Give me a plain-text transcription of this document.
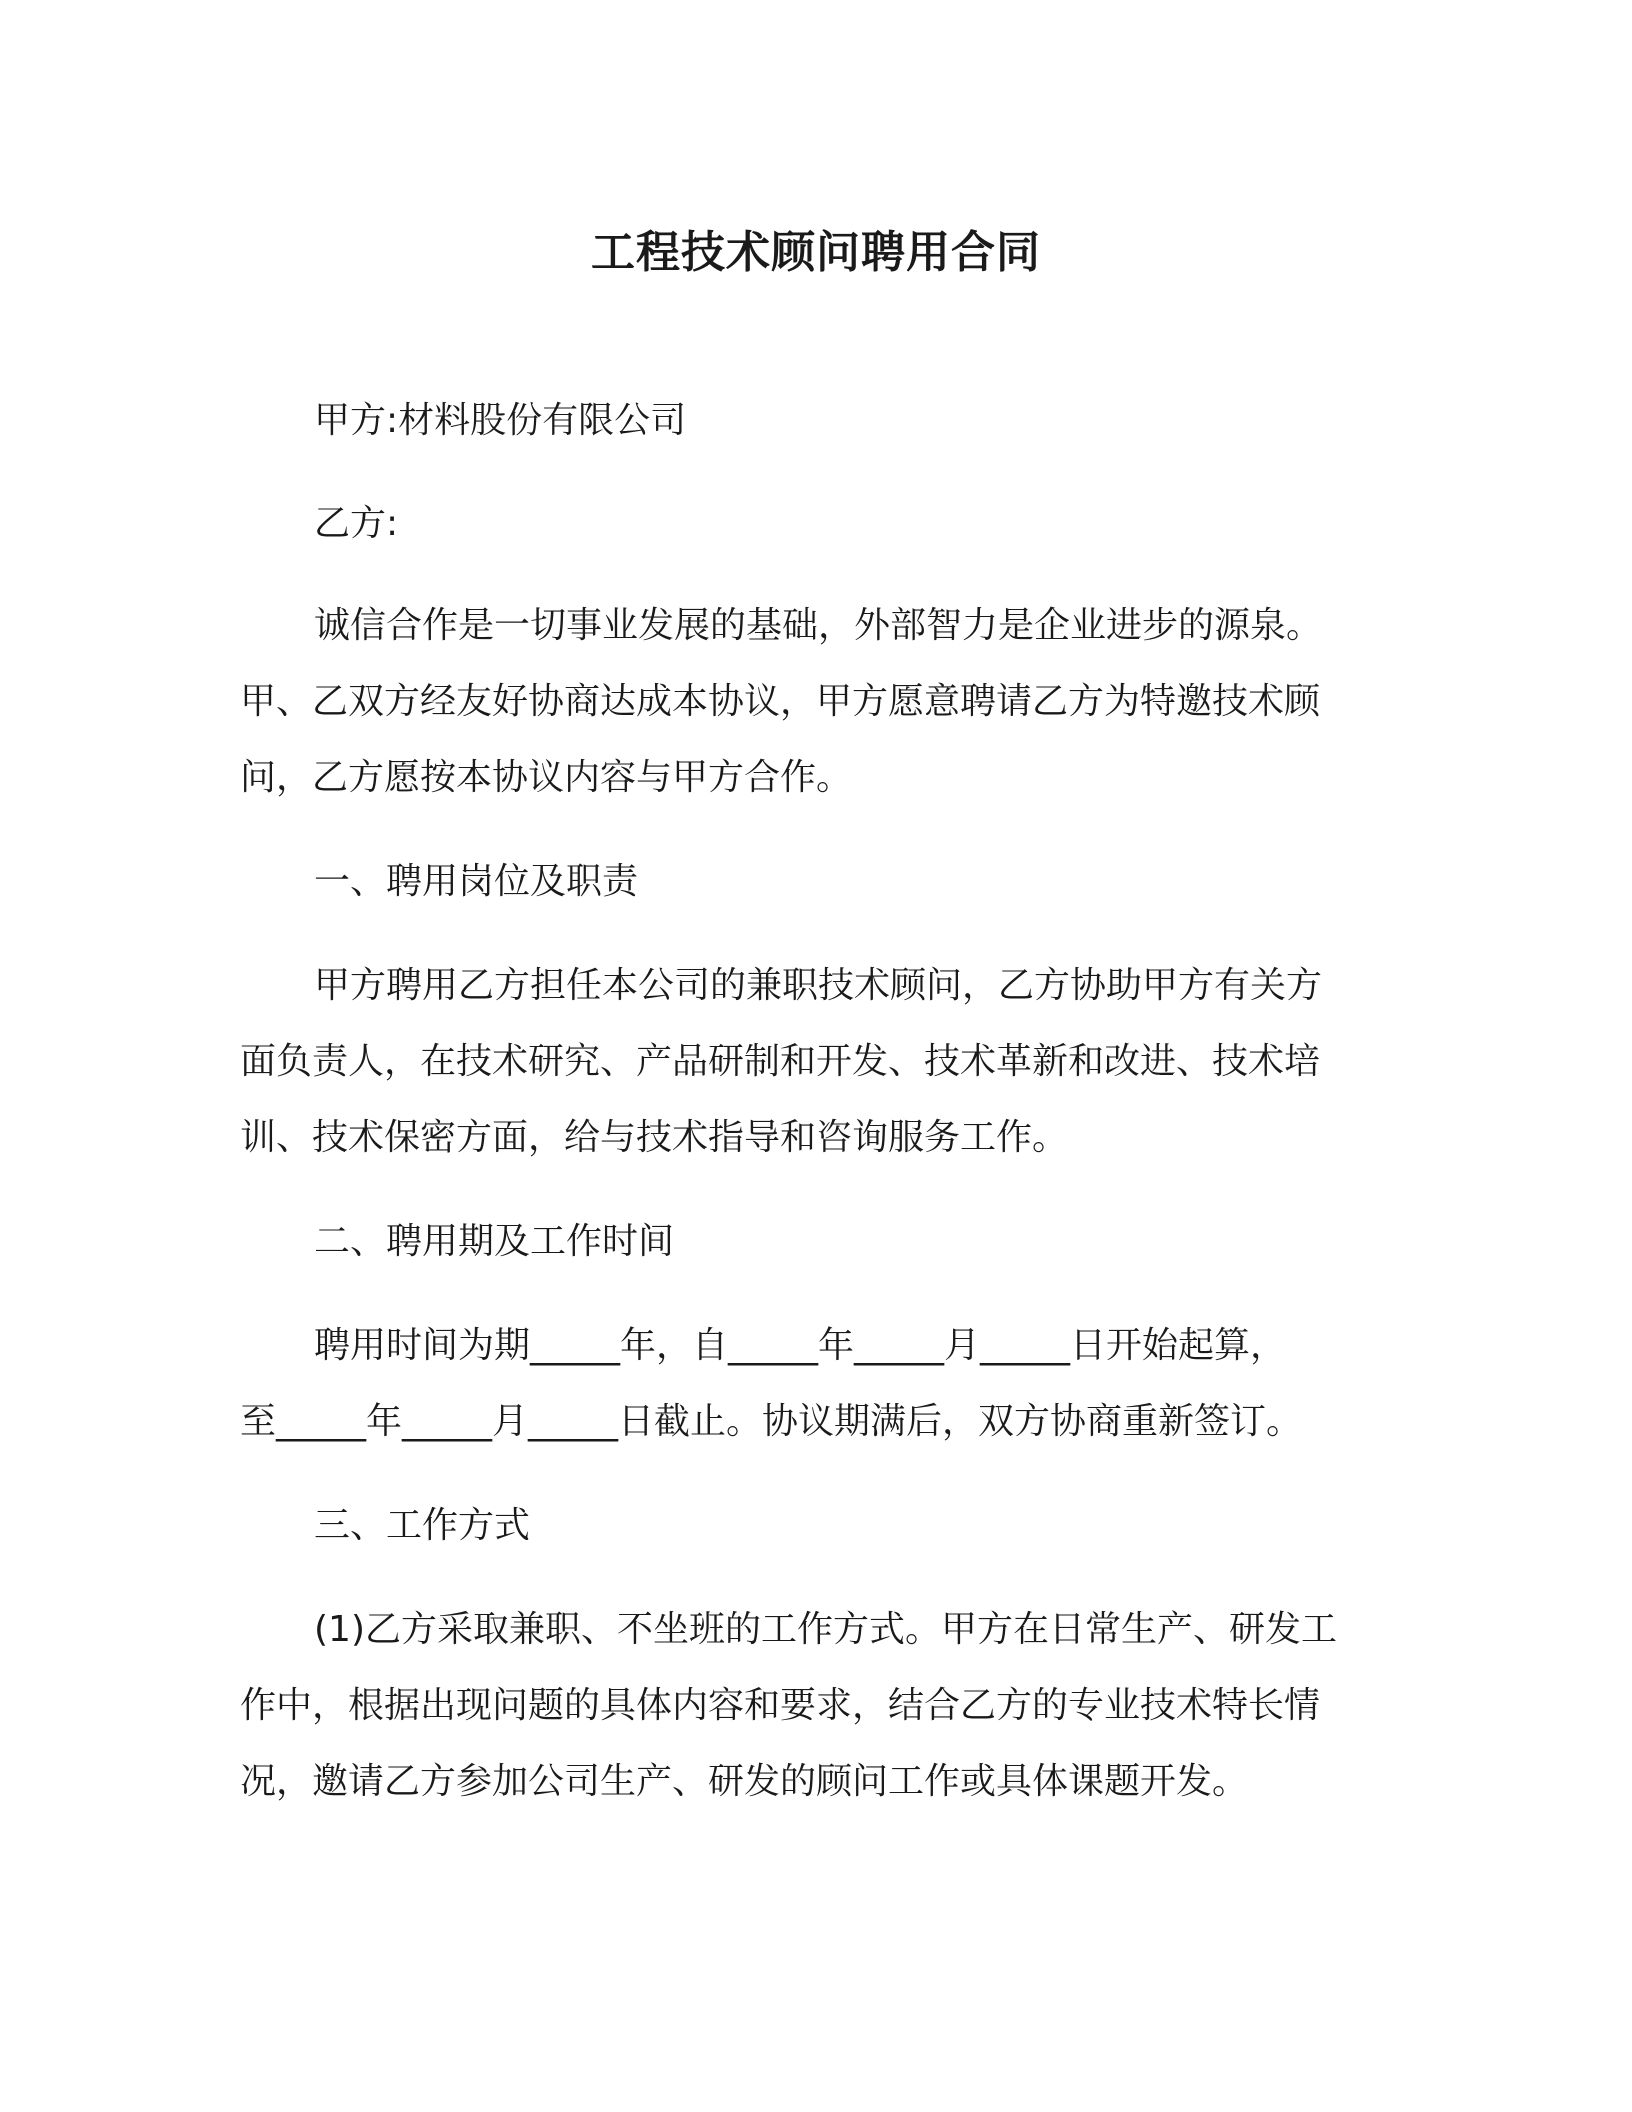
工程技术顾问聘用合同
甲方:材料股份有限公司
乙方:
诚信合作是一切事业发展的基础，外部智力是企业进步的源泉。
甲、乙双方经友好协商达成本协议，甲方愿意聘请乙方为特邀技术顾
问，乙方愿按本协议内容与甲方合作。
一、聘用岗位及职责
甲方聘用乙方担任本公司的兼职技术顾问，乙方协助甲方有关方
面负责人，在技术研究、产品研制和开发、技术革新和改进、技术培
训、技术保密方面，给与技术指导和咨询服务工作。
二、聘用期及工作时间
聘用时间为期_____年，自_____年_____月_____日开始起算，
至_____年_____月_____日截止。协议期满后，双方协商重新签订。
三、工作方式
(1)乙方采取兼职、不坐班的工作方式。甲方在日常生产、研发工
作中，根据出现问题的具体内容和要求，结合乙方的专业技术特长情
况，邀请乙方参加公司生产、研发的顾问工作或具体课题开发。
